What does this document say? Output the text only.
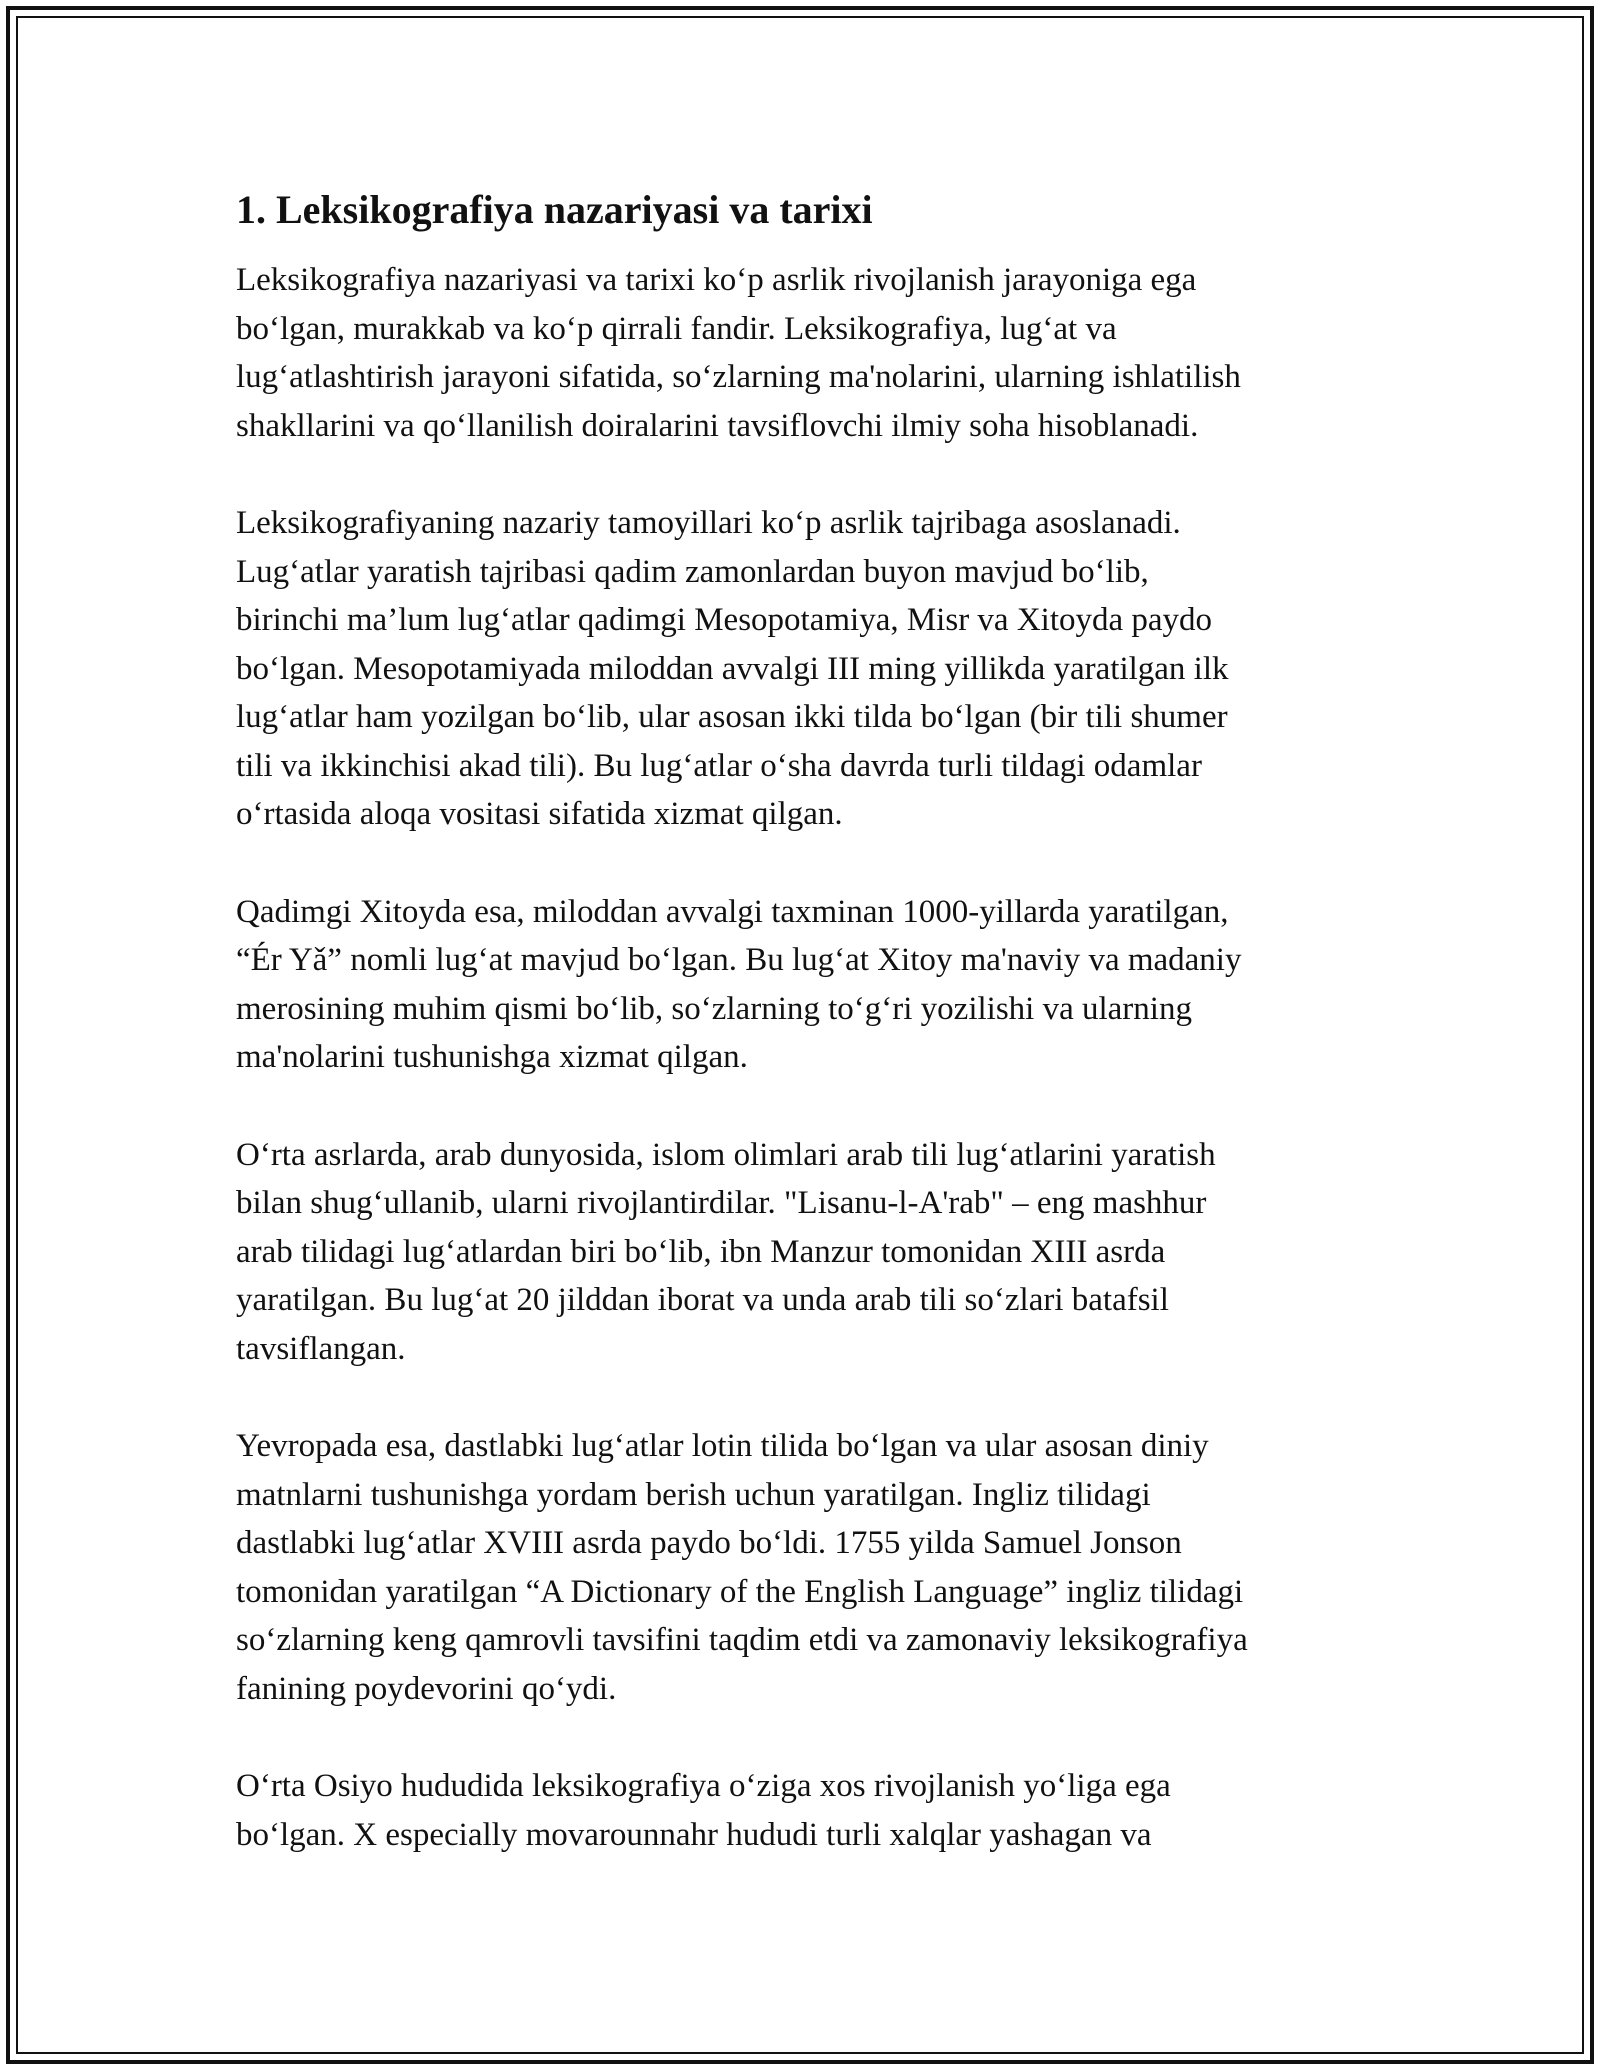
1. Leksikografiya nazariyasi va tarixi

Leksikografiya nazariyasi va tarixi koʻp asrlik rivojlanish jarayoniga ega
boʻlgan, murakkab va koʻp qirrali fandir. Leksikografiya, lugʻat va
lugʻatlashtirish jarayoni sifatida, soʻzlarning ma'nolarini, ularning ishlatilish
shakllarini va qoʻllanilish doiralarini tavsiflovchi ilmiy soha hisoblanadi.

Leksikografiyaning nazariy tamoyillari koʻp asrlik tajribaga asoslanadi.
Lugʻatlar yaratish tajribasi qadim zamonlardan buyon mavjud boʻlib,
birinchi ma’lum lugʻatlar qadimgi Mesopotamiya, Misr va Xitoyda paydo
boʻlgan. Mesopotamiyada miloddan avvalgi III ming yillikda yaratilgan ilk
lugʻatlar ham yozilgan boʻlib, ular asosan ikki tilda boʻlgan (bir tili shumer
tili va ikkinchisi akad tili). Bu lugʻatlar oʻsha davrda turli tildagi odamlar
oʻrtasida aloqa vositasi sifatida xizmat qilgan.

Qadimgi Xitoyda esa, miloddan avvalgi taxminan 1000-yillarda yaratilgan,
“Ér Yǎ” nomli lugʻat mavjud boʻlgan. Bu lugʻat Xitoy ma'naviy va madaniy
merosining muhim qismi boʻlib, soʻzlarning toʻgʻri yozilishi va ularning
ma'nolarini tushunishga xizmat qilgan.

Oʻrta asrlarda, arab dunyosida, islom olimlari arab tili lugʻatlarini yaratish
bilan shugʻullanib, ularni rivojlantirdilar. "Lisanu-l-A'rab" – eng mashhur
arab tilidagi lugʻatlardan biri boʻlib, ibn Manzur tomonidan XIII asrda
yaratilgan. Bu lugʻat 20 jilddan iborat va unda arab tili soʻzlari batafsil
tavsiflangan.

Yevropada esa, dastlabki lugʻatlar lotin tilida boʻlgan va ular asosan diniy
matnlarni tushunishga yordam berish uchun yaratilgan. Ingliz tilidagi
dastlabki lugʻatlar XVIII asrda paydo boʻldi. 1755 yilda Samuel Jonson
tomonidan yaratilgan “A Dictionary of the English Language” ingliz tilidagi
soʻzlarning keng qamrovli tavsifini taqdim etdi va zamonaviy leksikografiya
fanining poydevorini qoʻydi.

Oʻrta Osiyo hududida leksikografiya oʻziga xos rivojlanish yoʻliga ega
boʻlgan. X especially movarounnahr hududi turli xalqlar yashagan va
